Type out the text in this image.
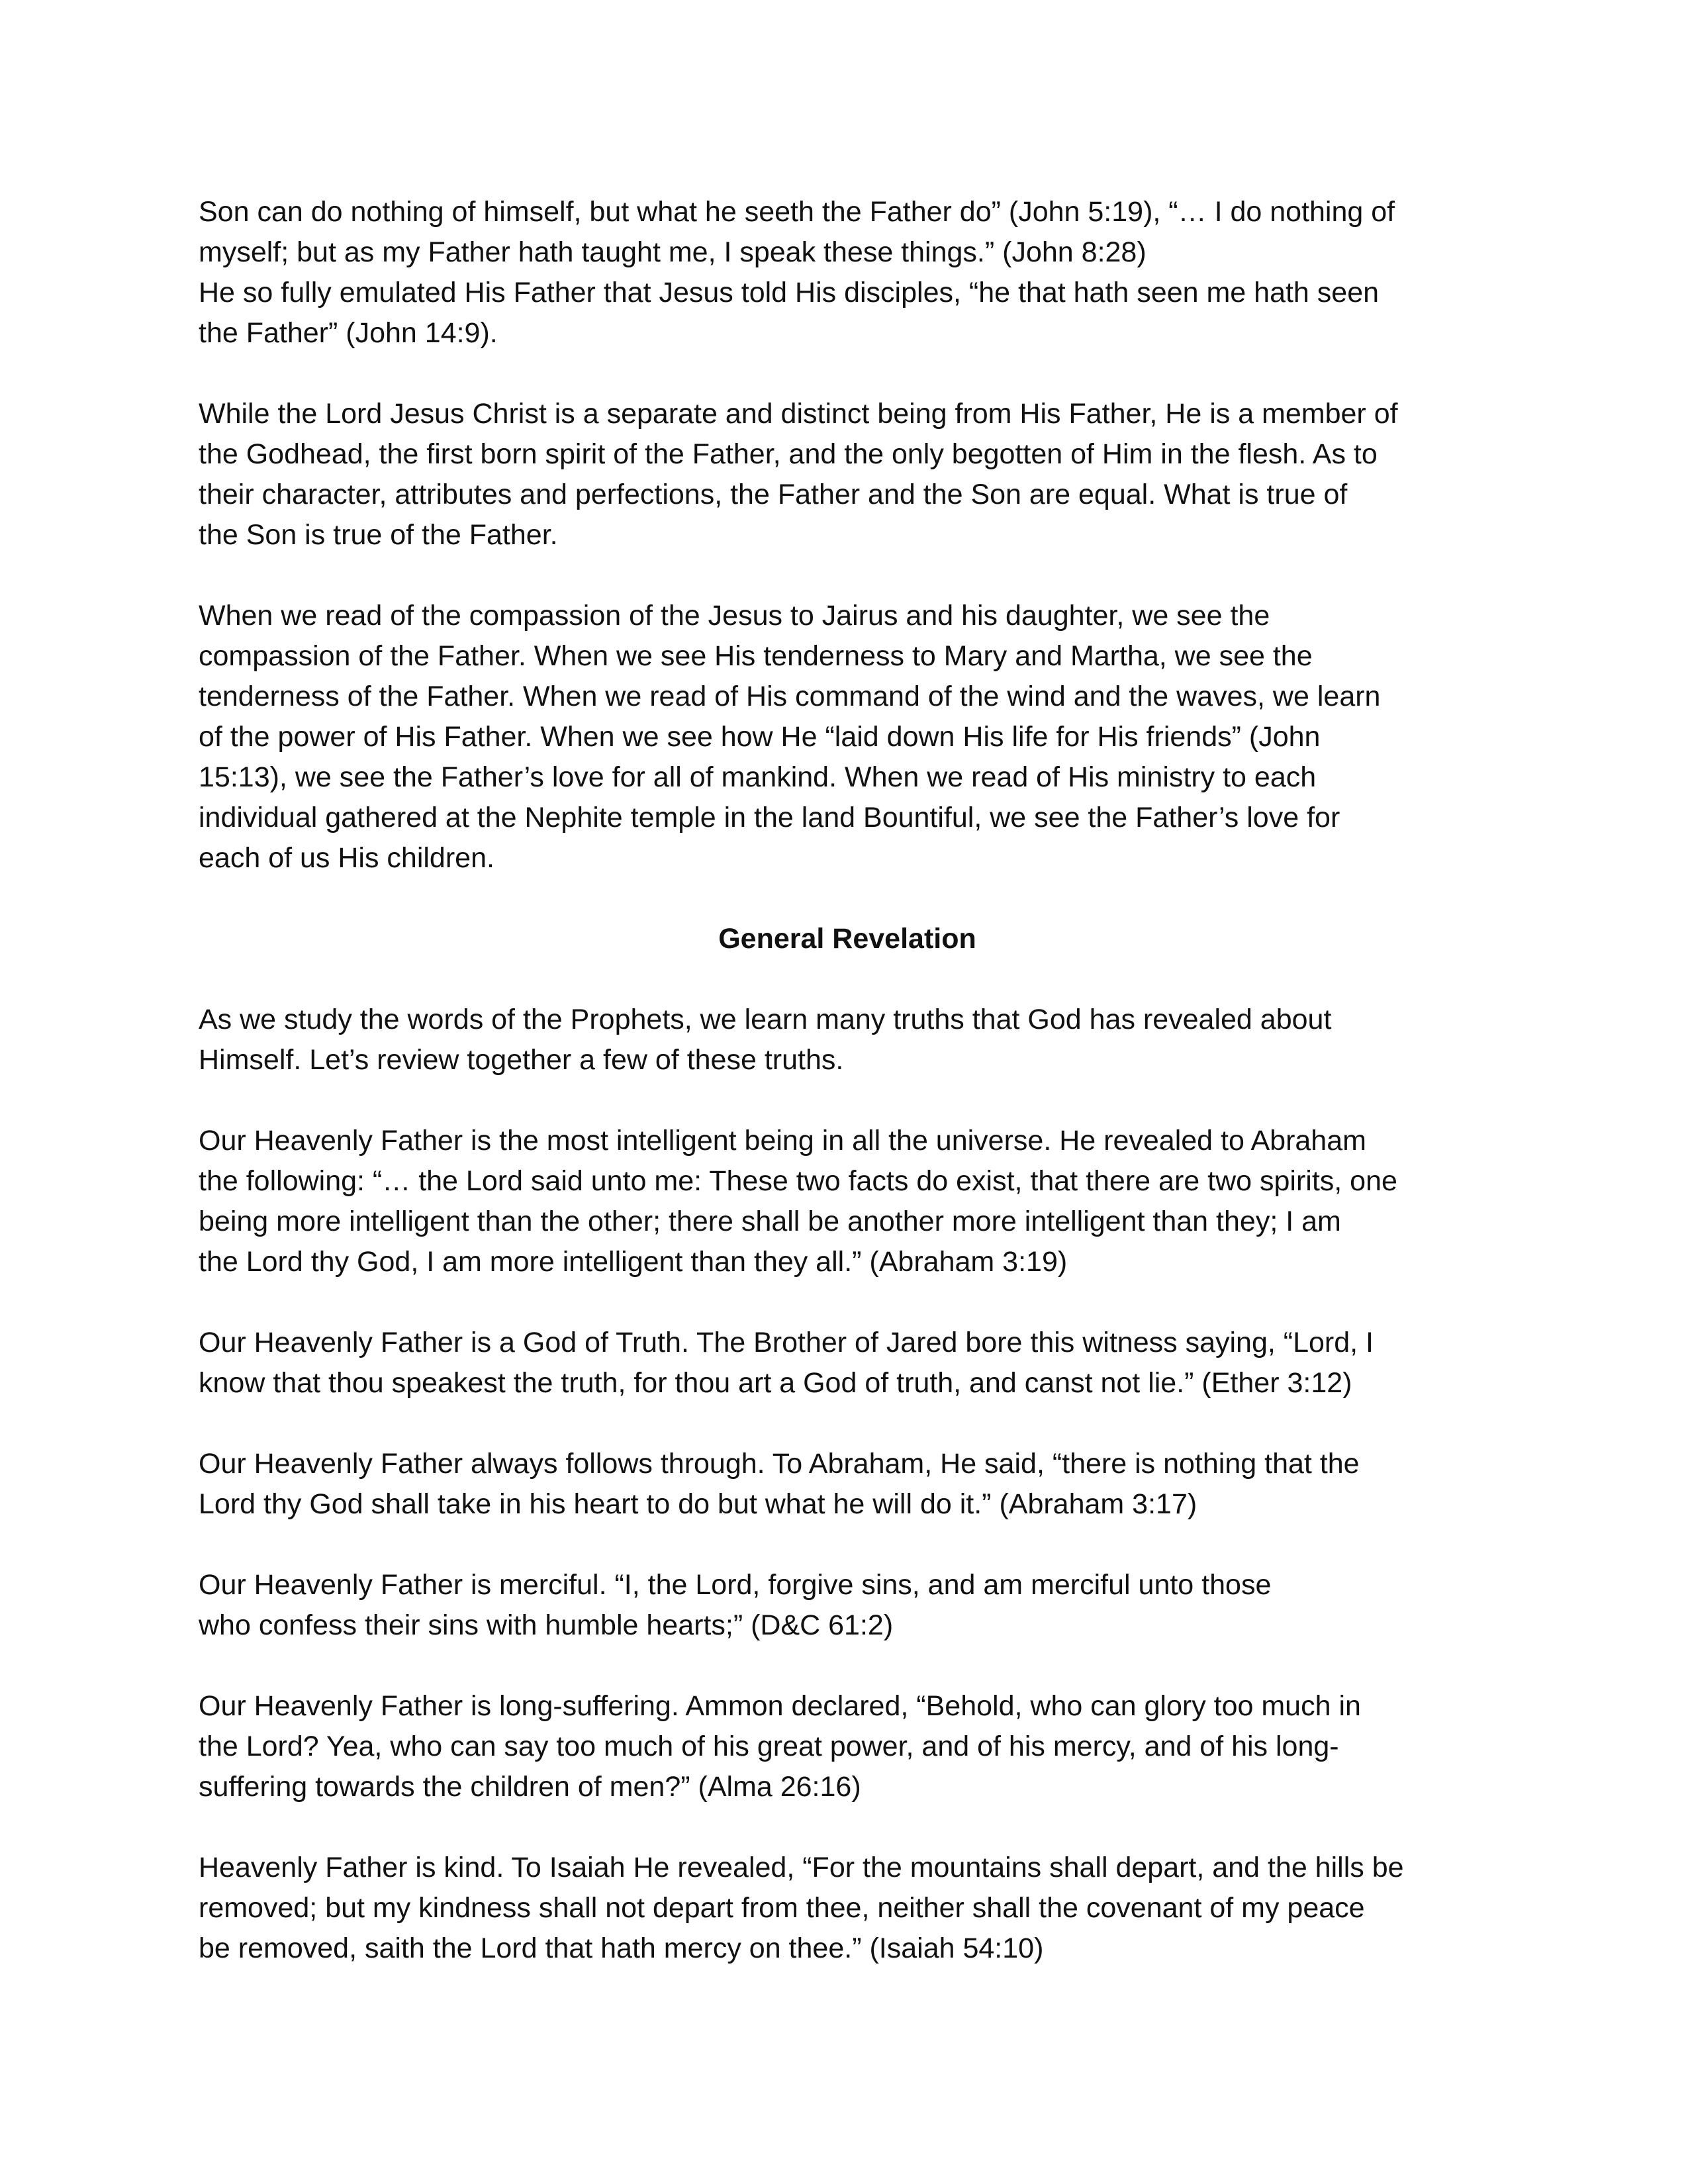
Son can do nothing of himself, but what he seeth the Father do” (John 5:19), “… I do nothing of
myself; but as my Father hath taught me, I speak these things.” (John 8:28)
He so fully emulated His Father that Jesus told His disciples, “he that hath seen me hath seen
the Father” (John 14:9).

While the Lord Jesus Christ is a separate and distinct being from His Father, He is a member of
the Godhead, the first born spirit of the Father, and the only begotten of Him in the flesh. As to
their character, attributes and perfections, the Father and the Son are equal. What is true of
the Son is true of the Father.

When we read of the compassion of the Jesus to Jairus and his daughter, we see the
compassion of the Father. When we see His tenderness to Mary and Martha, we see the
tenderness of the Father. When we read of His command of the wind and the waves, we learn
of the power of His Father. When we see how He “laid down His life for His friends” (John
15:13), we see the Father’s love for all of mankind. When we read of His ministry to each
individual gathered at the Nephite temple in the land Bountiful, we see the Father’s love for
each of us His children.

General Revelation

As we study the words of the Prophets, we learn many truths that God has revealed about
Himself. Let’s review together a few of these truths.

Our Heavenly Father is the most intelligent being in all the universe. He revealed to Abraham
the following: “… the Lord said unto me: These two facts do exist, that there are two spirits, one
being more intelligent than the other; there shall be another more intelligent than they; I am
the Lord thy God, I am more intelligent than they all.” (Abraham 3:19)

Our Heavenly Father is a God of Truth. The Brother of Jared bore this witness saying, “Lord, I
know that thou speakest the truth, for thou art a God of truth, and canst not lie.” (Ether 3:12)

Our Heavenly Father always follows through. To Abraham, He said, “there is nothing that the
Lord thy God shall take in his heart to do but what he will do it.” (Abraham 3:17)

Our Heavenly Father is merciful. “I, the Lord, forgive sins, and am merciful unto those
who confess their sins with humble hearts;” (D&C 61:2)

Our Heavenly Father is long-suffering. Ammon declared, “Behold, who can glory too much in
the Lord? Yea, who can say too much of his great power, and of his mercy, and of his long-
suffering towards the children of men?” (Alma 26:16)

Heavenly Father is kind. To Isaiah He revealed, “For the mountains shall depart, and the hills be
removed; but my kindness shall not depart from thee, neither shall the covenant of my peace
be removed, saith the Lord that hath mercy on thee.” (Isaiah 54:10)
